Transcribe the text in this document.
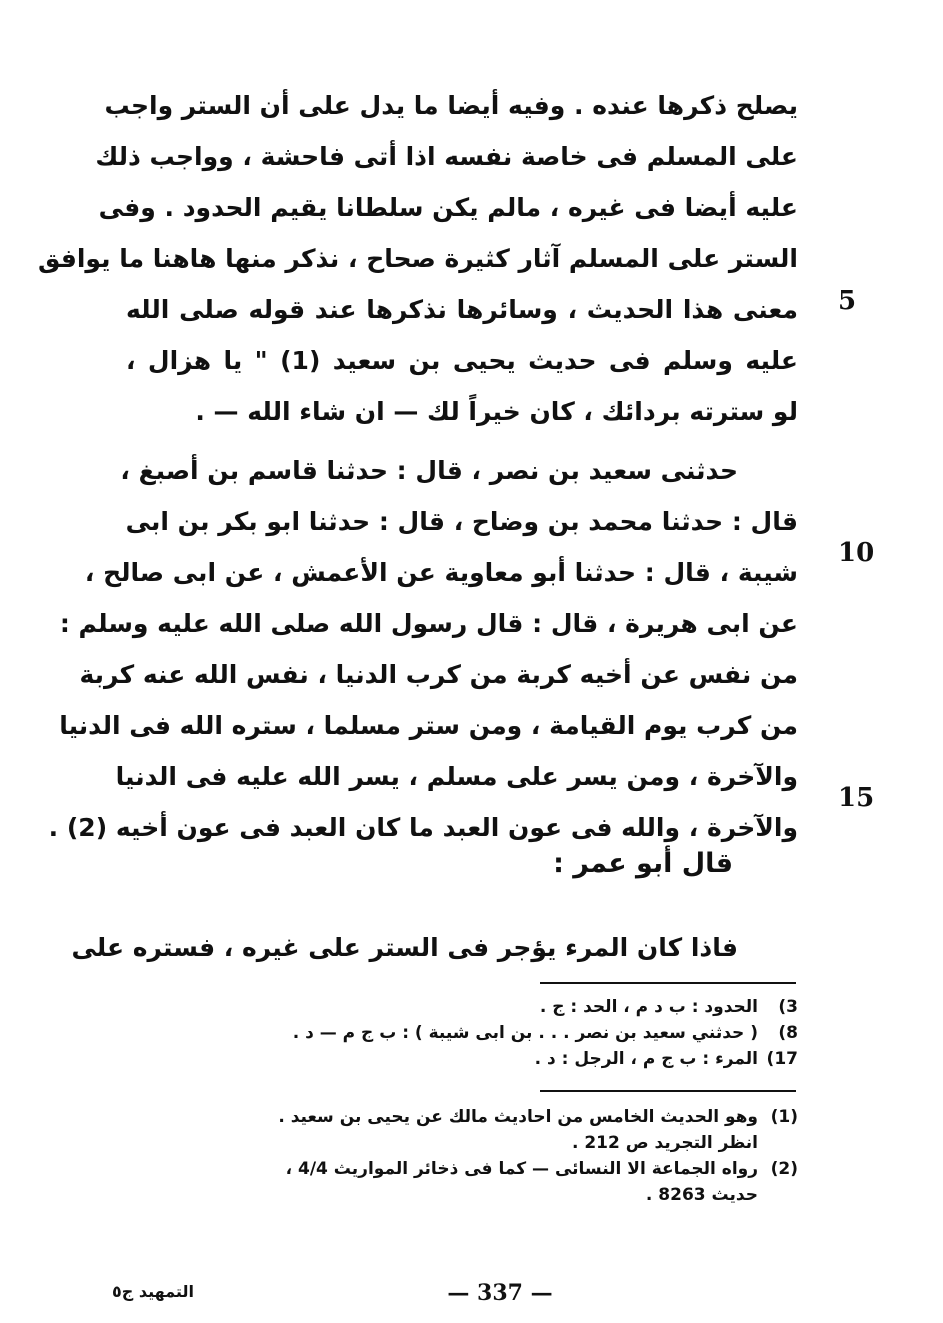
يصلح ذكرها عنده . وفيه أيضا ما يدل على أن الستر واجب
على المسلم فى خاصة نفسه اذا أتى فاحشة ، وواجب ذلك
عليه أيضا فى غيره ، مالم يكن سلطانا يقيم الحدود . وفى
الستر على المسلم آثار كثيرة صحاح ، نذكر منها هاهنا ما يوافق
معنى هذا الحديث ، وسائرها نذكرها عند قوله صلى الله
عليه وسلم فى حديث يحيى بن سعيد (1) " يا هزال ،
لو سترته بردائك ، كان خيراً لك — ان شاء الله — .
حدثنى سعيد بن نصر ، قال : حدثنا قاسم بن أصبغ ،
قال : حدثنا محمد بن وضاح ، قال : حدثنا ابو بكر بن ابى
شيبة ، قال : حدثنا أبو معاوية عن الأعمش ، عن ابى صالح ،
عن ابى هريرة ، قال : قال رسول الله صلى الله عليه وسلم :
من نفس عن أخيه كربة من كرب الدنيا ، نفس الله عنه كربة
من كرب يوم القيامة ، ومن ستر مسلما ، ستره الله فى الدنيا
والآخرة ، ومن يسر على مسلم ، يسر الله عليه فى الدنيا
والآخرة ، والله فى عون العبد ما كان العبد فى عون أخيه (2) .
5
10
15
قال أبو عمر :
فاذا كان المرء يؤجر فى الستر على غيره ، فستره على
3)
الحدود : ب د م ، الحد : ج .
8)
( حدثني سعيد بن نصر . . . بن ابى شيبة ) : ب ج م — د .
17)
المرء : ب ج م ، الرجل : د .
(1)
وهو الحديث الخامس من احاديث مالك عن يحيى بن سعيد .
انظر التجريد ص 212 .
(2)
رواه الجماعة الا النسائى — كما فى ذخائر المواريث 4/4 ،
حديث 8263 .
التمهيد ج٥	— 337 —
